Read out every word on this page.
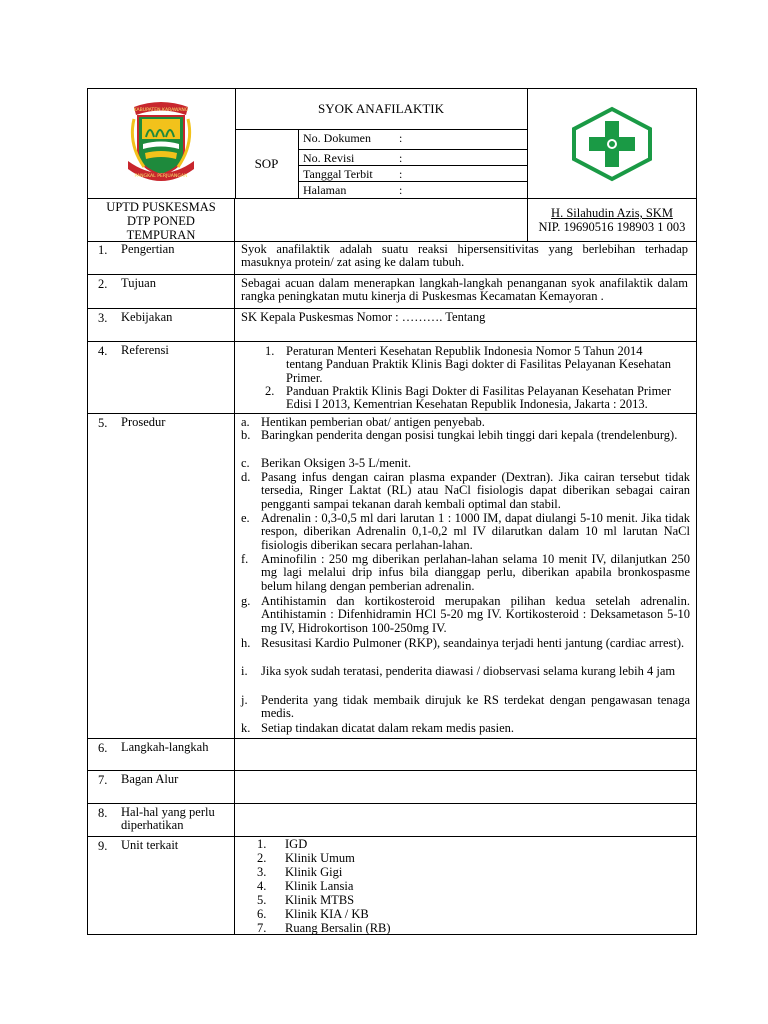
KABUPATEN KARAWANG
PANGKAL PERJUANGAN
SYOK ANAFILAKTIK
SOP
No. Dokumen :
No. Revisi	:
Tanggal Terbit :
Halaman	:
UPTD PUSKESMAS
DTP PONED
TEMPURAN
H. Silahudin Azis, SKM
NIP. 19690516 198903 1 003
1. Pengertian	Syok anafilaktik adalah suatu reaksi hipersensitivitas yang berlebihan terhadap masuknya protein/ zat asing ke dalam tubuh.
2. Tujuan	Sebagai acuan dalam menerapkan langkah-langkah penanganan syok anafilaktik dalam rangka peningkatan mutu kinerja di Puskesmas Kecamatan Kemayoran .
3. Kebijakan	SK Kepala Puskesmas Nomor : ………. Tentang
4. Referensi	1. Peraturan Menteri Kesehatan Republik Indonesia Nomor 5 Tahun 2014
tentang Panduan Praktik Klinis Bagi dokter di Fasilitas Pelayanan Kesehatan
Primer.
2. Panduan Praktik Klinis Bagi Dokter di Fasilitas Pelayanan Kesehatan Primer
Edisi I 2013, Kementrian Kesehatan Republik Indonesia, Jakarta : 2013.
5. Prosedur	a. Hentikan pemberian obat/ antigen penyebab.
b. Baringkan penderita dengan posisi tungkai lebih tinggi dari kepala (trendelenburg).
c. Berikan Oksigen 3-5 L/menit.
d. Pasang infus dengan cairan plasma expander (Dextran). Jika cairan tersebut tidak tersedia, Ringer Laktat (RL) atau NaCl fisiologis dapat diberikan sebagai cairan pengganti sampai tekanan darah kembali optimal dan stabil.
e. Adrenalin : 0,3-0,5 ml dari larutan 1 : 1000 IM, dapat diulangi 5-10 menit. Jika tidak respon, diberikan Adrenalin 0,1-0,2 ml IV dilarutkan dalam 10 ml larutan NaCl fisiologis diberikan secara perlahan-lahan.
f. Aminofilin : 250 mg diberikan perlahan-lahan selama 10 menit IV, dilanjutkan 250 mg lagi melalui drip infus bila dianggap perlu, diberikan apabila bronkospasme belum hilang dengan pemberian adrenalin.
g. Antihistamin dan kortikosteroid merupakan pilihan kedua setelah adrenalin. Antihistamin : Difenhidramin HCl 5-20 mg IV. Kortikosteroid : Deksametason 5-10 mg IV, Hidrokortison 100-250mg IV.
h. Resusitasi Kardio Pulmoner (RKP), seandainya terjadi henti jantung (cardiac arrest).
i. Jika syok sudah teratasi, penderita diawasi / diobservasi selama kurang lebih 4 jam
j. Penderita yang tidak membaik dirujuk ke RS terdekat dengan pengawasan tenaga medis.
k. Setiap tindakan dicatat dalam rekam medis pasien.
6. Langkah-langkah
7. Bagan Alur
8. Hal-hal yang perlu diperhatikan
9. Unit terkait	1. IGD
2. Klinik Umum
3. Klinik Gigi
4. Klinik Lansia
5. Klinik MTBS
6. Klinik KIA / KB
7. Ruang Bersalin (RB)
